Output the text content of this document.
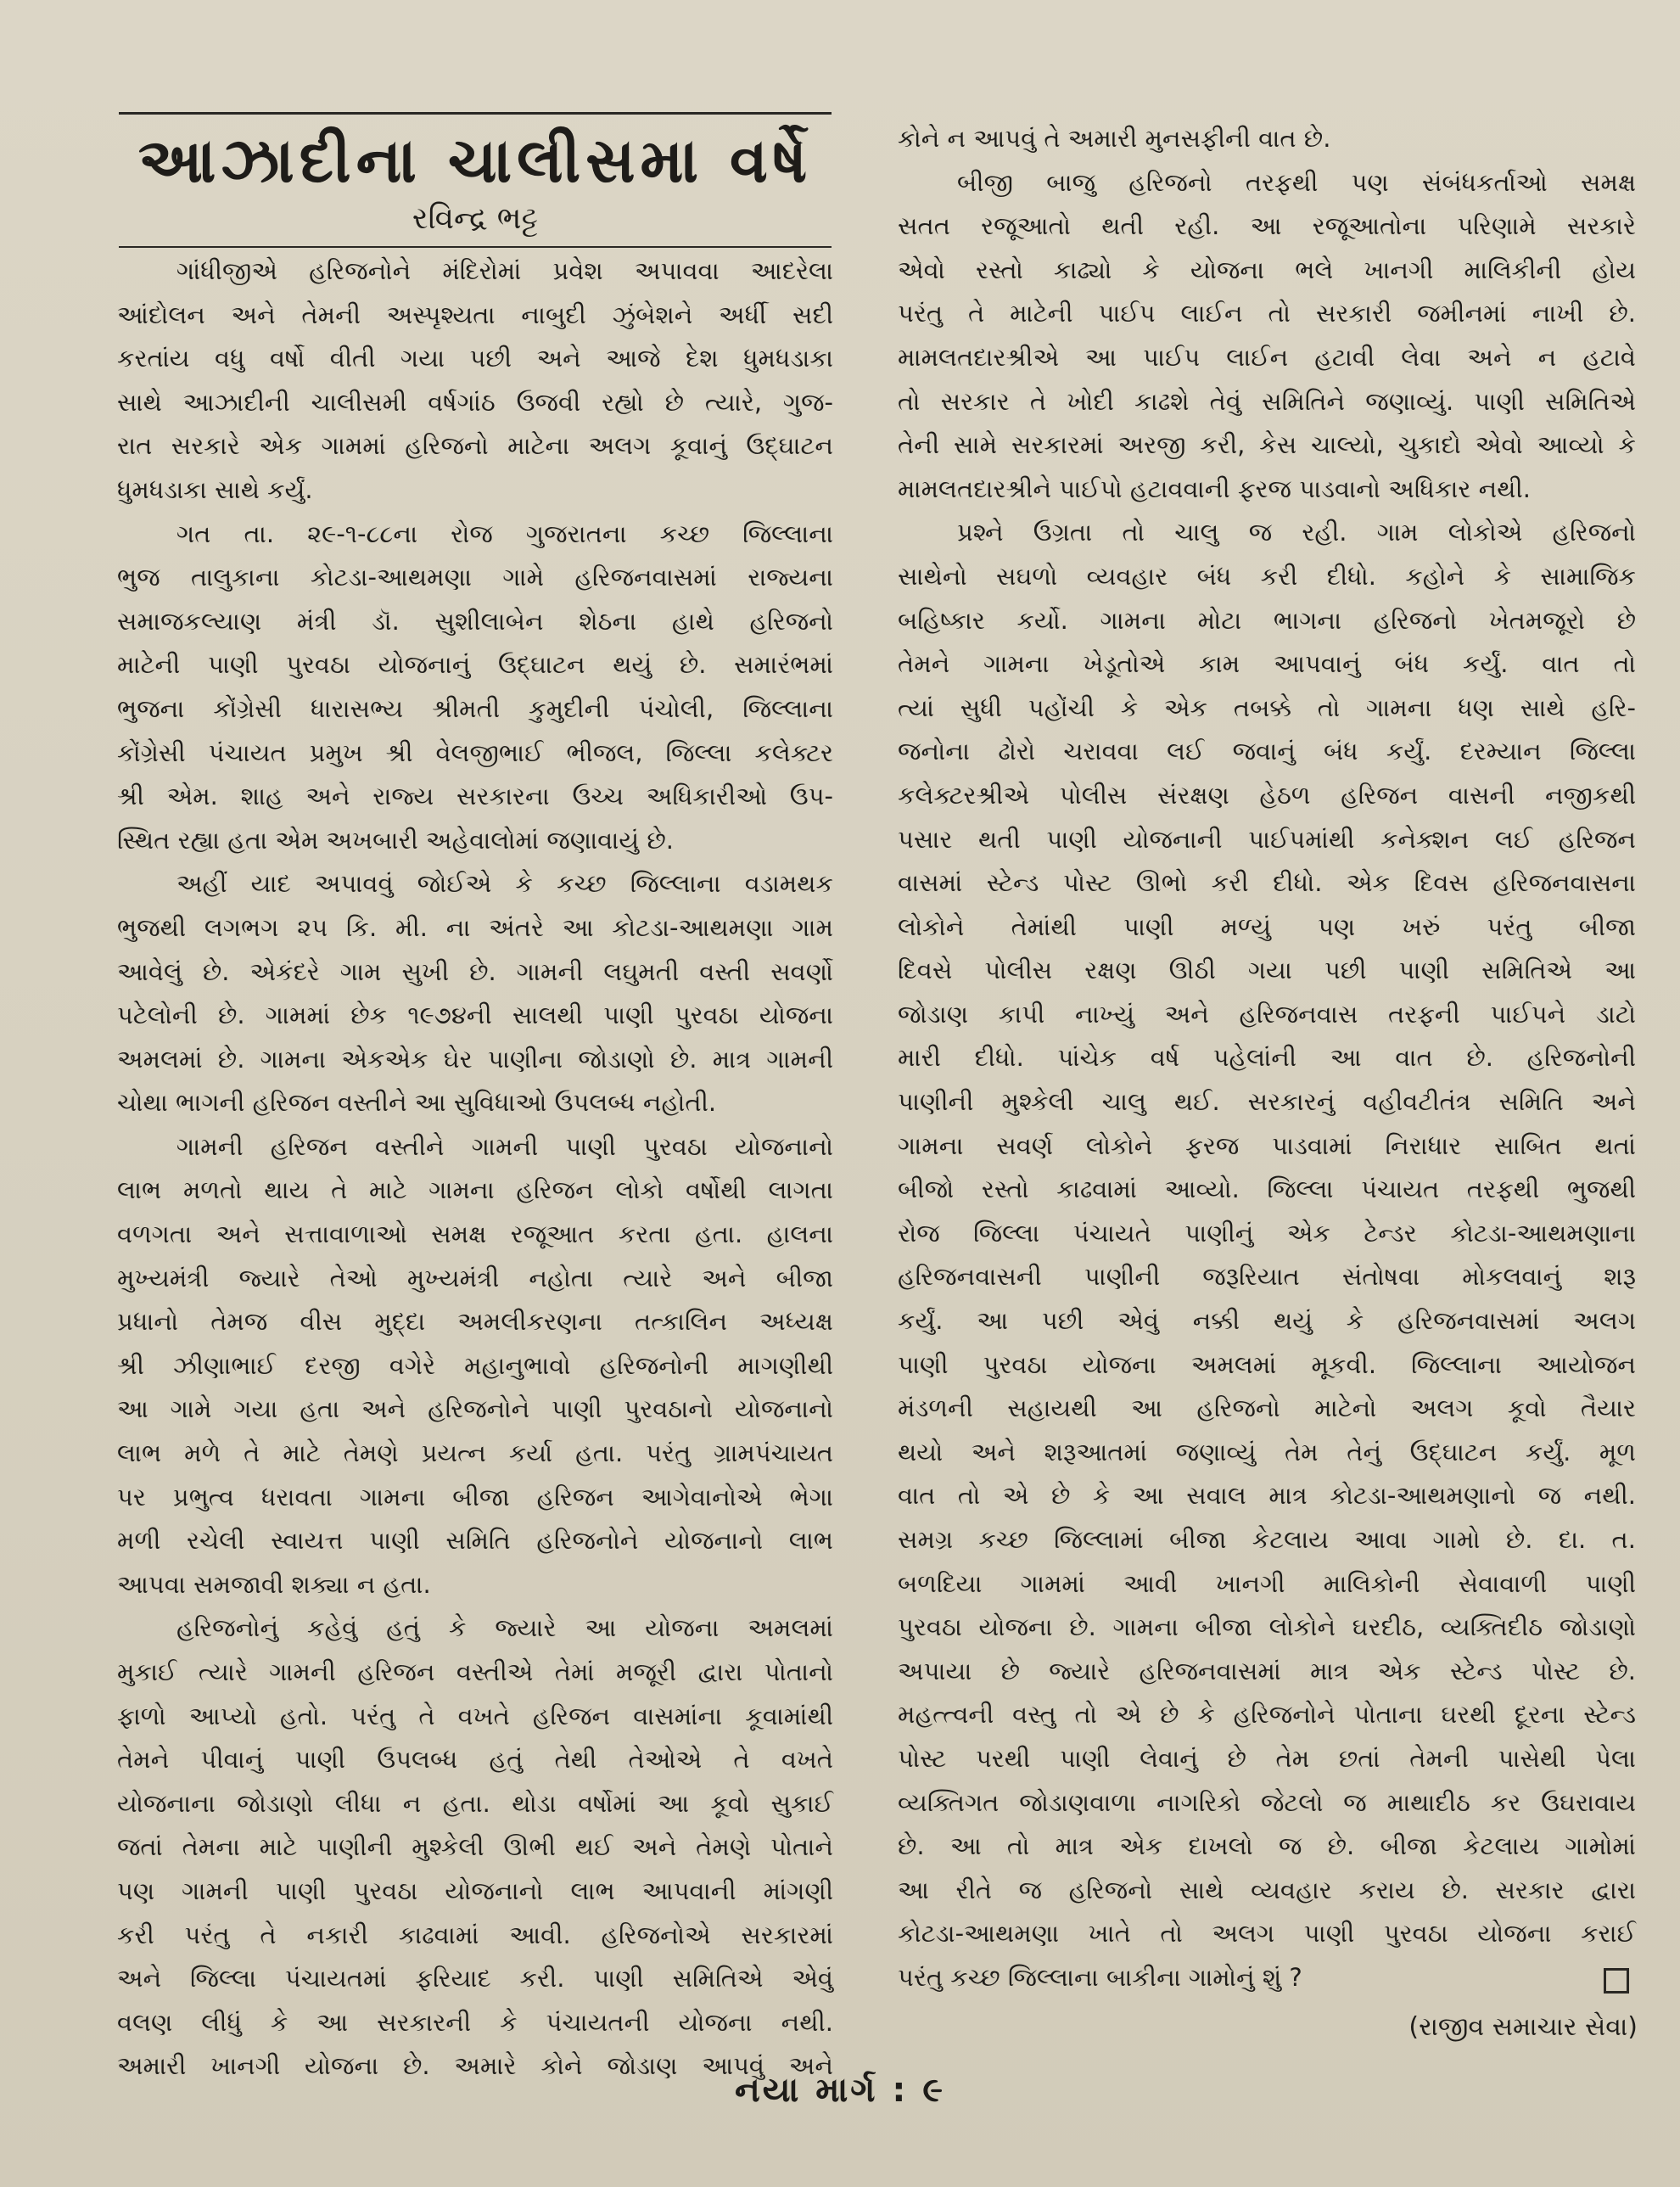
આઝાદીના ચાલીસમા વર્ષે
રવિન્દ્ર ભટ્ટ

ગાંધીજીએ હરિજનોને મંદિરોમાં પ્રવેશ અપાવવા આદરેલા

આંદોલન અને તેમની અસ્પૃશ્યતા નાબુદી ઝુંબેશને અર્ધી સદી

કરતાંય વધુ વર્ષો વીતી ગયા પછી અને આજે દેશ ધુમધડાકા

સાથે આઝાદીની ચાલીસમી વર્ષગાંઠ ઉજવી રહ્યો છે ત્યારે, ગુજ-

રાત સરકારે એક ગામમાં હરિજનો માટેના અલગ કૂવાનું ઉદ્ઘાટન

ધુમધડાકા સાથે કર્યું.

ગત તા. ૨૯-૧-૮૮ના રોજ ગુજરાતના કચ્છ જિલ્લાના

ભુજ તાલુકાના કોટડા-આથમણા ગામે હરિજનવાસમાં રાજ્યના

સમાજકલ્યાણ મંત્રી ડૉ. સુશીલાબેન શેઠના હાથે હરિજનો

માટેની પાણી પુરવઠા યોજનાનું ઉદ્ઘાટન થયું છે. સમારંભમાં

ભુજના કોંગ્રેસી ધારાસભ્ય શ્રીમતી કુમુદીની પંચોલી, જિલ્લાના

કોંગ્રેસી પંચાયત પ્રમુખ શ્રી વેલજીભાઈ ભીજલ, જિલ્લા કલેક્ટર

શ્રી એમ. શાહ અને રાજ્ય સરકારના ઉચ્ચ અધિકારીઓ ઉપ-

સ્થિત રહ્યા હતા એમ અખબારી અહેવાલોમાં જણાવાયું છે.

અહીં યાદ અપાવવું જોઈએ કે કચ્છ જિલ્લાના વડામથક

ભુજથી લગભગ ૨૫ કિ. મી. ના અંતરે આ કોટડા-આથમણા ગામ

આવેલું છે. એકંદરે ગામ સુખી છે. ગામની લઘુમતી વસ્તી સવર્ણો

પટેલોની છે. ગામમાં છેક ૧૯૭૪ની સાલથી પાણી પુરવઠા યોજના

અમલમાં છે. ગામના એકએક ઘેર પાણીના જોડાણો છે. માત્ર ગામની

ચોથા ભાગની હરિજન વસ્તીને આ સુવિધાઓ ઉપલબ્ધ નહોતી.

ગામની હરિજન વસ્તીને ગામની પાણી પુરવઠા યોજનાનો

લાભ મળતો થાય તે માટે ગામના હરિજન લોકો વર્ષોથી લાગતા

વળગતા અને સત્તાવાળાઓ સમક્ષ રજૂઆત કરતા હતા. હાલના

મુખ્યમંત્રી જ્યારે તેઓ મુખ્યમંત્રી નહોતા ત્યારે અને બીજા

પ્રધાનો તેમજ વીસ મુદ્દા અમલીકરણના તત્કાલિન અધ્યક્ષ

શ્રી ઝીણાભાઈ દરજી વગેરે મહાનુભાવો હરિજનોની માગણીથી

આ ગામે ગયા હતા અને હરિજનોને પાણી પુરવઠાનો યોજનાનો

લાભ મળે તે માટે તેમણે પ્રયત્ન કર્યા હતા. પરંતુ ગ્રામપંચાયત

પર પ્રભુત્વ ધરાવતા ગામના બીજા હરિજન આગેવાનોએ ભેગા

મળી રચેલી સ્વાયત્ત પાણી સમિતિ હરિજનોને યોજનાનો લાભ

આપવા સમજાવી શક્યા ન હતા.

હરિજનોનું કહેવું હતું કે જ્યારે આ યોજના અમલમાં

મુકાઈ ત્યારે ગામની હરિજન વસ્તીએ તેમાં મજૂરી દ્વારા પોતાનો

ફાળો આપ્યો હતો. પરંતુ તે વખતે હરિજન વાસમાંના કૂવામાંથી

તેમને પીવાનું પાણી ઉપલબ્ધ હતું તેથી તેઓએ તે વખતે

યોજનાના જોડાણો લીધા ન હતા. થોડા વર્ષોમાં આ કૂવો સુકાઈ

જતાં તેમના માટે પાણીની મુશ્કેલી ઊભી થઈ અને તેમણે પોતાને

પણ ગામની પાણી પુરવઠા યોજનાનો લાભ આપવાની માંગણી

કરી પરંતુ તે નકારી કાઢવામાં આવી. હરિજનોએ સરકારમાં

અને જિલ્લા પંચાયતમાં ફરિયાદ કરી. પાણી સમિતિએ એવું

વલણ લીધું કે આ સરકારની કે પંચાયતની યોજના નથી.

અમારી ખાનગી યોજના છે. અમારે કોને જોડાણ આપવું અને

કોને ન આપવું તે અમારી મુનસફીની વાત છે.

બીજી બાજુ હરિજનો તરફથી પણ સંબંધકર્તાઓ સમક્ષ

સતત રજૂઆતો થતી રહી. આ રજૂઆતોના પરિણામે સરકારે

એવો રસ્તો કાઢ્યો કે યોજના ભલે ખાનગી માલિકીની હોય

પરંતુ તે માટેની પાઈપ લાઈન તો સરકારી જમીનમાં નાખી છે.

મામલતદારશ્રીએ આ પાઈપ લાઈન હટાવી લેવા અને ન હટાવે

તો સરકાર તે ખોદી કાઢશે તેવું સમિતિને જણાવ્યું. પાણી સમિતિએ

તેની સામે સરકારમાં અરજી કરી, કેસ ચાલ્યો, ચુકાદો એવો આવ્યો કે

મામલતદારશ્રીને પાઈપો હટાવવાની ફરજ પાડવાનો અધિકાર નથી.

પ્રશ્ને ઉગ્રતા તો ચાલુ જ રહી. ગામ લોકોએ હરિજનો

સાથેનો સઘળો વ્યવહાર બંધ કરી દીધો. કહોને કે સામાજિક

બહિષ્કાર કર્યો. ગામના મોટા ભાગના હરિજનો ખેતમજૂરો છે

તેમને ગામના ખેડૂતોએ કામ આપવાનું બંધ કર્યું. વાત તો

ત્યાં સુધી પહોંચી કે એક તબક્કે તો ગામના ધણ સાથે હરિ-

જનોના ઢોરો ચરાવવા લઈ જવાનું બંધ કર્યું. દરમ્યાન જિલ્લા

કલેક્ટરશ્રીએ પોલીસ સંરક્ષણ હેઠળ હરિજન વાસની નજીકથી

પસાર થતી પાણી યોજનાની પાઈપમાંથી કનેક્શન લઈ હરિજન

વાસમાં સ્ટેન્ડ પોસ્ટ ઊભો કરી દીધો. એક દિવસ હરિજનવાસના

લોકોને તેમાંથી પાણી મળ્યું પણ ખરું પરંતુ બીજા

દિવસે પોલીસ રક્ષણ ઊઠી ગયા પછી પાણી સમિતિએ આ

જોડાણ કાપી નાખ્યું અને હરિજનવાસ તરફની પાઈપને ડાટો

મારી દીધો. પાંચેક વર્ષ પહેલાંની આ વાત છે. હરિજનોની

પાણીની મુશ્કેલી ચાલુ થઈ. સરકારનું વહીવટીતંત્ર સમિતિ અને

ગામના સવર્ણ લોકોને ફરજ પાડવામાં નિરાધાર સાબિત થતાં

બીજો રસ્તો કાઢવામાં આવ્યો. જિલ્લા પંચાયત તરફથી ભુજથી

રોજ જિલ્લા પંચાયતે પાણીનું એક ટેન્ડર કોટડા-આથમણાના

હરિજનવાસની પાણીની જરૂરિયાત સંતોષવા મોકલવાનું શરૂ

કર્યું. આ પછી એવું નક્કી થયું કે હરિજનવાસમાં અલગ

પાણી પુરવઠા યોજના અમલમાં મૂકવી. જિલ્લાના આયોજન

મંડળની સહાયથી આ હરિજનો માટેનો અલગ કૂવો તૈયાર

થયો અને શરૂઆતમાં જણાવ્યું તેમ તેનું ઉદ્ઘાટન કર્યું. મૂળ

વાત તો એ છે કે આ સવાલ માત્ર કોટડા-આથમણાનો જ નથી.

સમગ્ર કચ્છ જિલ્લામાં બીજા કેટલાય આવા ગામો છે. દા. ત.

બળદિયા ગામમાં આવી ખાનગી માલિકોની સેવાવાળી પાણી

પુરવઠા યોજના છે. ગામના બીજા લોકોને ઘરદીઠ, વ્યક્તિદીઠ જોડાણો

અપાયા છે જ્યારે હરિજનવાસમાં માત્ર એક સ્ટેન્ડ પોસ્ટ છે.

મહત્ત્વની વસ્તુ તો એ છે કે હરિજનોને પોતાના ઘરથી દૂરના સ્ટેન્ડ

પોસ્ટ પરથી પાણી લેવાનું છે તેમ છતાં તેમની પાસેથી પેલા

વ્યક્તિગત જોડાણવાળા નાગરિકો જેટલો જ માથાદીઠ કર ઉઘરાવાય

છે. આ તો માત્ર એક દાખલો જ છે. બીજા કેટલાય ગામોમાં

આ રીતે જ હરિજનો સાથે વ્યવહાર કરાય છે. સરકાર દ્વારા

કોટડા-આથમણા ખાતે તો અલગ પાણી પુરવઠા યોજના કરાઈ

પરંતુ કચ્છ જિલ્લાના બાકીના ગામોનું શું ?

(રાજીવ સમાચાર સેવા)
નયા માર્ગ : ૯
